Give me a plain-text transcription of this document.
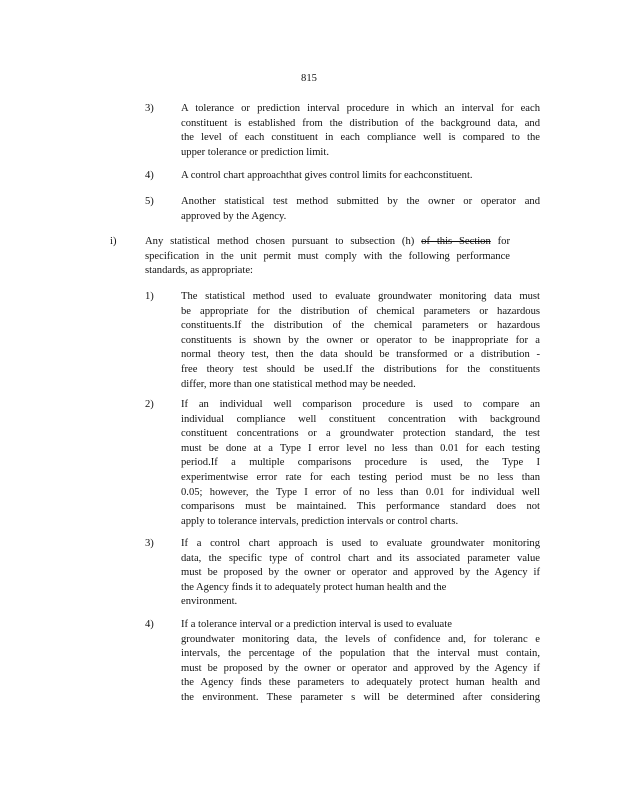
815
3)	A tolerance or prediction interval procedure in which an interval for each
constituent is established from the distribution of the background data, and
the level of each constituent in each compliance well is compared to the
upper tolerance or prediction limit.
4)	A control chart approachthat gives control limits for eachconstituent.
5)	Another statistical test method submitted by the owner or operator and
approved by the Agency.
i)	Any statistical method chosen pursuant to subsection (h) of this Section for
specification in the unit permit must comply with the following performance
standards, as appropriate:
1)	The statistical method used to evaluate groundwater monitoring data must
be appropriate for the distribution of chemical parameters or hazardous
constituents.If the distribution of the chemical parameters or hazardous
constituents is shown by the owner or operator to be inappropriate for a
normal theory test, then the data should be transformed or a distribution -
free theory test should be used.If the distributions for the constituents
differ, more than one statistical method may be needed.
2)	If an individual well comparison procedure is used to compare an
individual compliance well constituent concentration with background
constituent concentrations or a groundwater protection standard, the test
must be done at a Type I error level no less than 0.01 for each testing
period.If a multiple comparisons procedure is used, the Type I
experimentwise error rate for each testing period must be no less than
0.05; however, the Type I error of no less than 0.01 for individual well
comparisons must be maintained. This performance standard does not
apply to tolerance intervals, prediction intervals or control charts.
3)	If a control chart approach is used to evaluate groundwater monitoring
data, the specific type of control chart and its associated parameter value
must be proposed by the owner or operator and approved by the Agency if
the Agency finds it to adequately protect human health and the
environment.
4)	If a tolerance interval or a prediction interval is used to evaluate
groundwater monitoring data, the levels of confidence and, for toleranc e
intervals, the percentage of the population that the interval must contain,
must be proposed by the owner or operator and approved by the Agency if
the Agency finds these parameters to adequately protect human health and
the environment. These parameter s will be determined after considering
